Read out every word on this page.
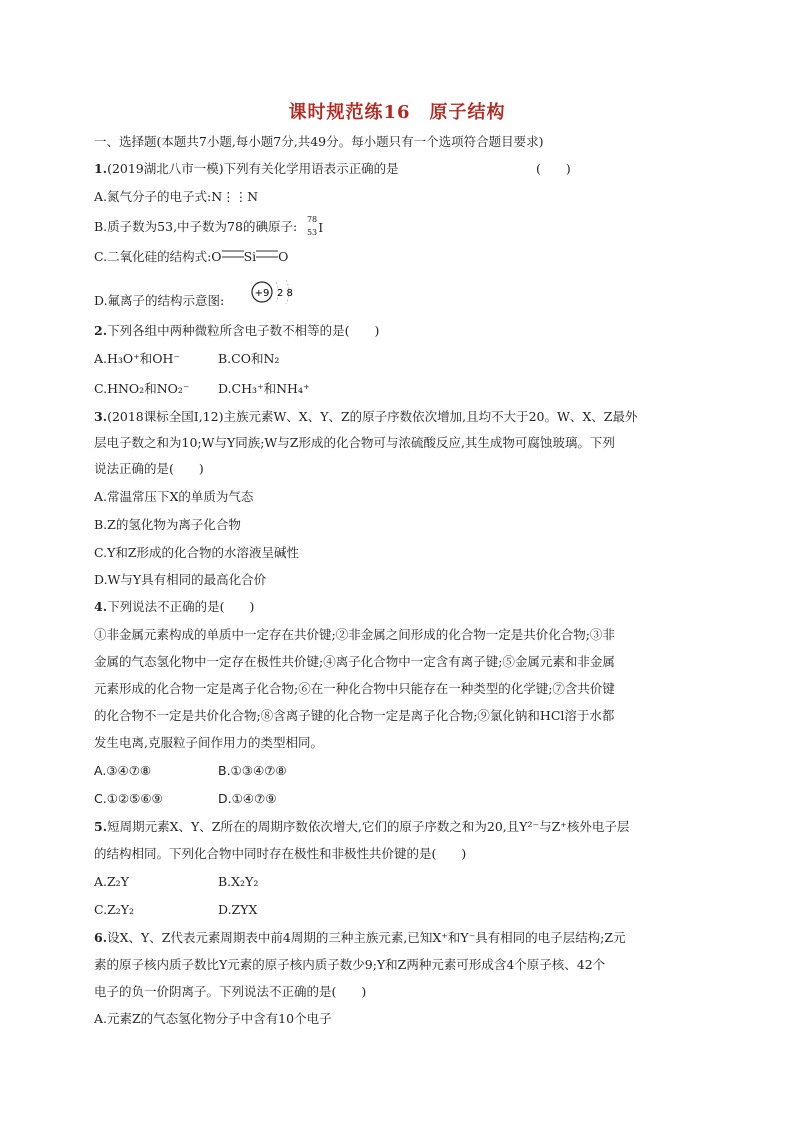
课时规范练16　原子结构
一、选择题(本题共7小题,每小题7分,共49分。每小题只有一个选项符合题目要求)
1.(2019湖北八市一模)下列有关化学用语表示正确的是	(　　)
A.氮气分子的电子式:N⋮⋮N
B.质子数为53,中子数为78的碘原子: 78
53 I
C.二氧化硅的结构式:O Si O
D.氟离子的结构示意图:	+9 2 8
2.下列各组中两种微粒所含电子数不相等的是(　　)
A.H₃O⁺和OH⁻	B.CO和N₂
C.HNO₂和NO₂⁻ D.CH₃⁺和NH₄⁺
3.(2018课标全国Ⅰ,12)主族元素W、X、Y、Z的原子序数依次增加,且均不大于20。W、X、Z最外
层电子数之和为10;W与Y同族;W与Z形成的化合物可与浓硫酸反应,其生成物可腐蚀玻璃。下列
说法正确的是(　　)
A.常温常压下X的单质为气态
B.Z的氢化物为离子化合物
C.Y和Z形成的化合物的水溶液呈碱性
D.W与Y具有相同的最高化合价
4.下列说法不正确的是(　　)
①非金属元素构成的单质中一定存在共价键;②非金属之间形成的化合物一定是共价化合物;③非
金属的气态氢化物中一定存在极性共价键;④离子化合物中一定含有离子键;⑤金属元素和非金属
元素形成的化合物一定是离子化合物;⑥在一种化合物中只能存在一种类型的化学键;⑦含共价键
的化合物不一定是共价化合物;⑧含离子键的化合物一定是离子化合物;⑨氯化钠和HCl溶于水都
发生电离,克服粒子间作用力的类型相同。
A.③④⑦⑧	B.①③④⑦⑧
C.①②⑤⑥⑨	D.①④⑦⑨
5.短周期元素X、Y、Z所在的周期序数依次增大,它们的原子序数之和为20,且Y²⁻与Z⁺核外电子层
的结构相同。下列化合物中同时存在极性和非极性共价键的是(　　)
A.Z₂Y	B.X₂Y₂
C.Z₂Y₂	D.ZYX
6.设X、Y、Z代表元素周期表中前4周期的三种主族元素,已知X⁺和Y⁻具有相同的电子层结构;Z元
素的原子核内质子数比Y元素的原子核内质子数少9;Y和Z两种元素可形成含4个原子核、42个
电子的负一价阴离子。下列说法不正确的是(　　)
A.元素Z的气态氢化物分子中含有10个电子
